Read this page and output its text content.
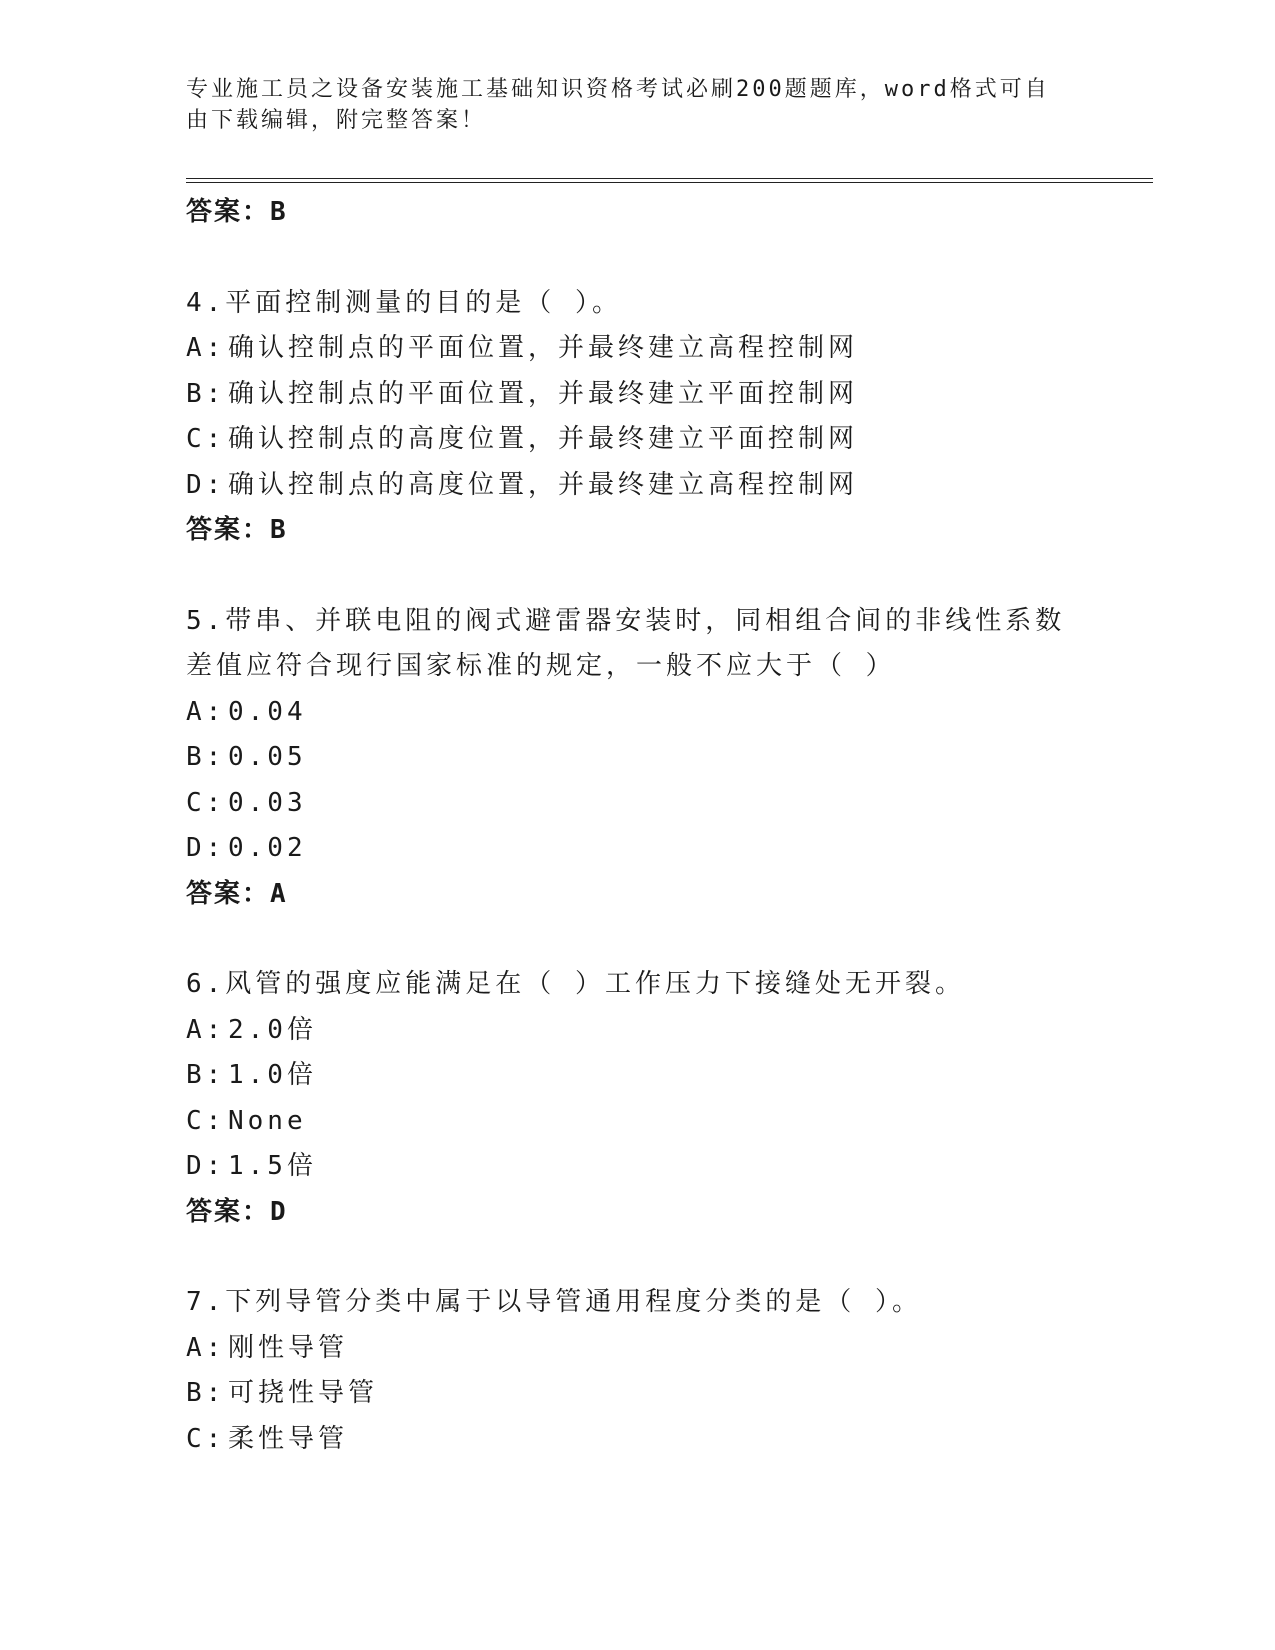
专业施工员之设备安装施工基础知识资格考试必刷200题题库，word格式可自由下载编辑，附完整答案！
答案：B
4.平面控制测量的目的是（ ）。
A: 确认控制点的平面位置，并最终建立高程控制网
B: 确认控制点的平面位置，并最终建立平面控制网
C: 确认控制点的高度位置，并最终建立平面控制网
D: 确认控制点的高度位置，并最终建立高程控制网
答案：B
5.带串、并联电阻的阀式避雷器安装时，同相组合间的非线性系数差值应符合现行国家标准的规定，一般不应大于（ ）
A: 0.04
B: 0.05
C: 0.03
D: 0.02
答案：A
6.风管的强度应能满足在（ ）工作压力下接缝处无开裂。
A: 2.0倍
B: 1.0倍
C: None
D: 1.5倍
答案：D
7.下列导管分类中属于以导管通用程度分类的是（ ）。
A: 刚性导管
B: 可挠性导管
C: 柔性导管
